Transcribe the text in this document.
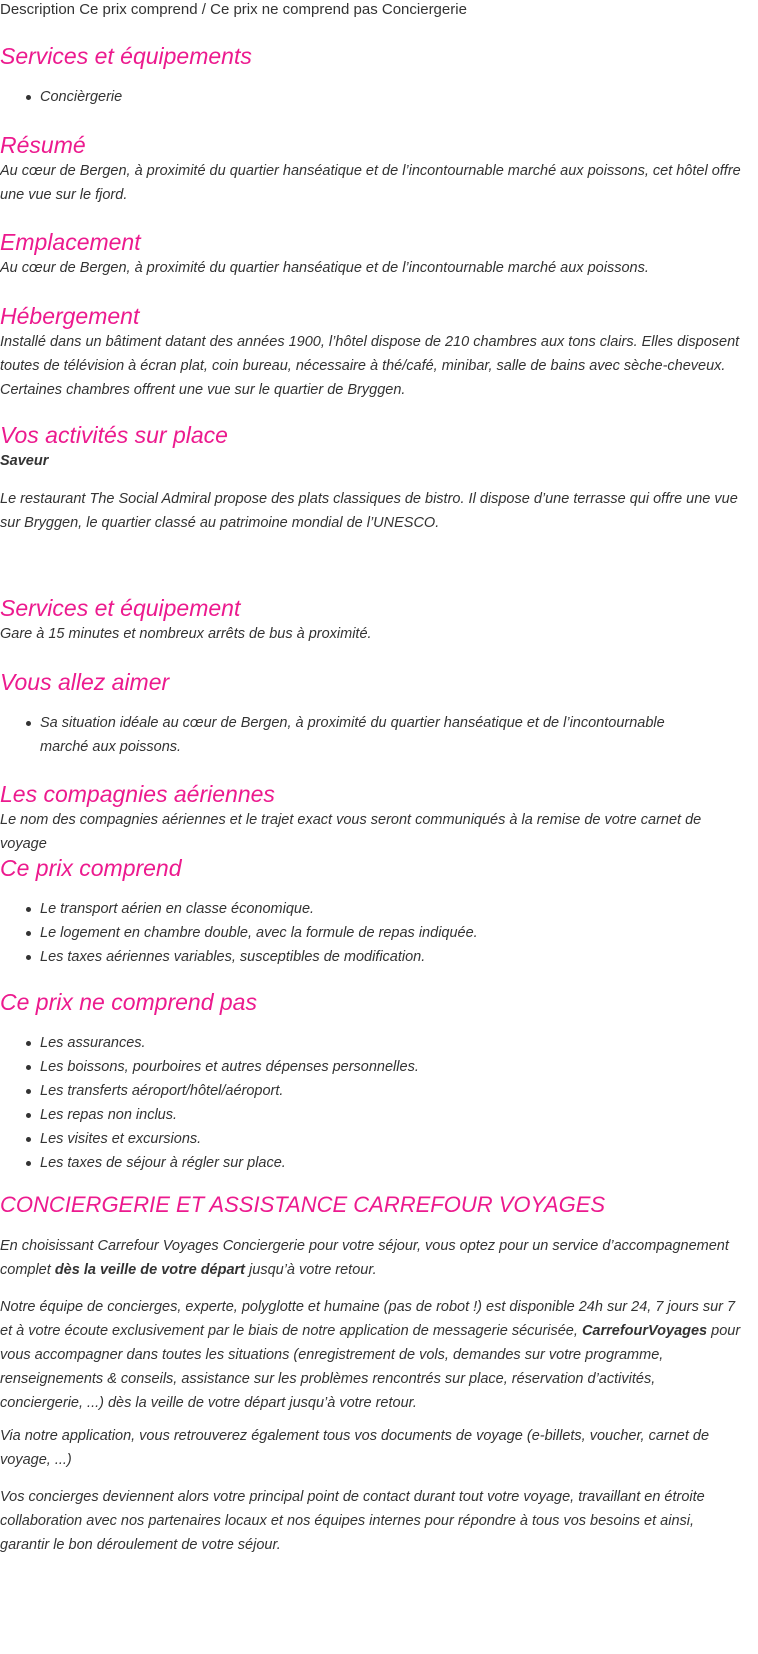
Description Ce prix comprend / Ce prix ne comprend pas Conciergerie
Services et équipements
Concièrgerie
Résumé

Au cœur de Bergen, à proximité du quartier hanséatique et de l’incontournable marché aux poissons, cet hôtel offre une vue sur le fjord.

Emplacement

Au cœur de Bergen, à proximité du quartier hanséatique et de l’incontournable marché aux poissons.

Hébergement

Installé dans un bâtiment datant des années 1900, l’hôtel dispose de 210 chambres aux tons clairs. Elles disposent toutes de télévision à écran plat, coin bureau, nécessaire à thé/café, minibar, salle de bains avec sèche-cheveux. Certaines chambres offrent une vue sur le quartier de Bryggen.

Vos activités sur place

Saveur

Le restaurant The Social Admiral propose des plats classiques de bistro. Il dispose d’une terrasse qui offre une vue sur Bryggen, le quartier classé au patrimoine mondial de l’UNESCO.

Services et équipement

Gare à 15 minutes et nombreux arrêts de bus à proximité.

Vous allez aimer
Sa situation idéale au cœur de Bergen, à proximité du quartier hanséatique et de l’incontournable marché aux poissons.
Les compagnies aériennes

Le nom des compagnies aériennes et le trajet exact vous seront communiqués à la remise de votre carnet de voyage

Ce prix comprend
Le transport aérien en classe économique.
Le logement en chambre double, avec la formule de repas indiquée.
Les taxes aériennes variables, susceptibles de modification.
Ce prix ne comprend pas
Les assurances.
Les boissons, pourboires et autres dépenses personnelles.
Les transferts aéroport/hôtel/aéroport.
Les repas non inclus.
Les visites et excursions.
Les taxes de séjour à régler sur place.
CONCIERGERIE ET ASSISTANCE CARREFOUR VOYAGES

En choisissant Carrefour Voyages Conciergerie pour votre séjour, vous optez pour un service d’accompagnement complet dès la veille de votre départ jusqu’à votre retour.

Notre équipe de concierges, experte, polyglotte et humaine (pas de robot !) est disponible 24h sur 24, 7 jours sur 7 et à votre écoute exclusivement par le biais de notre application de messagerie sécurisée, CarrefourVoyages pour vous accompagner dans toutes les situations (enregistrement de vols, demandes sur votre programme, renseignements & conseils, assistance sur les problèmes rencontrés sur place, réservation d’activités, conciergerie, ...) dès la veille de votre départ jusqu’à votre retour.

Via notre application, vous retrouverez également tous vos documents de voyage (e-billets, voucher, carnet de voyage, ...)

Vos concierges deviennent alors votre principal point de contact durant tout votre voyage, travaillant en étroite collaboration avec nos partenaires locaux et nos équipes internes pour répondre à tous vos besoins et ainsi, garantir le bon déroulement de votre séjour.
